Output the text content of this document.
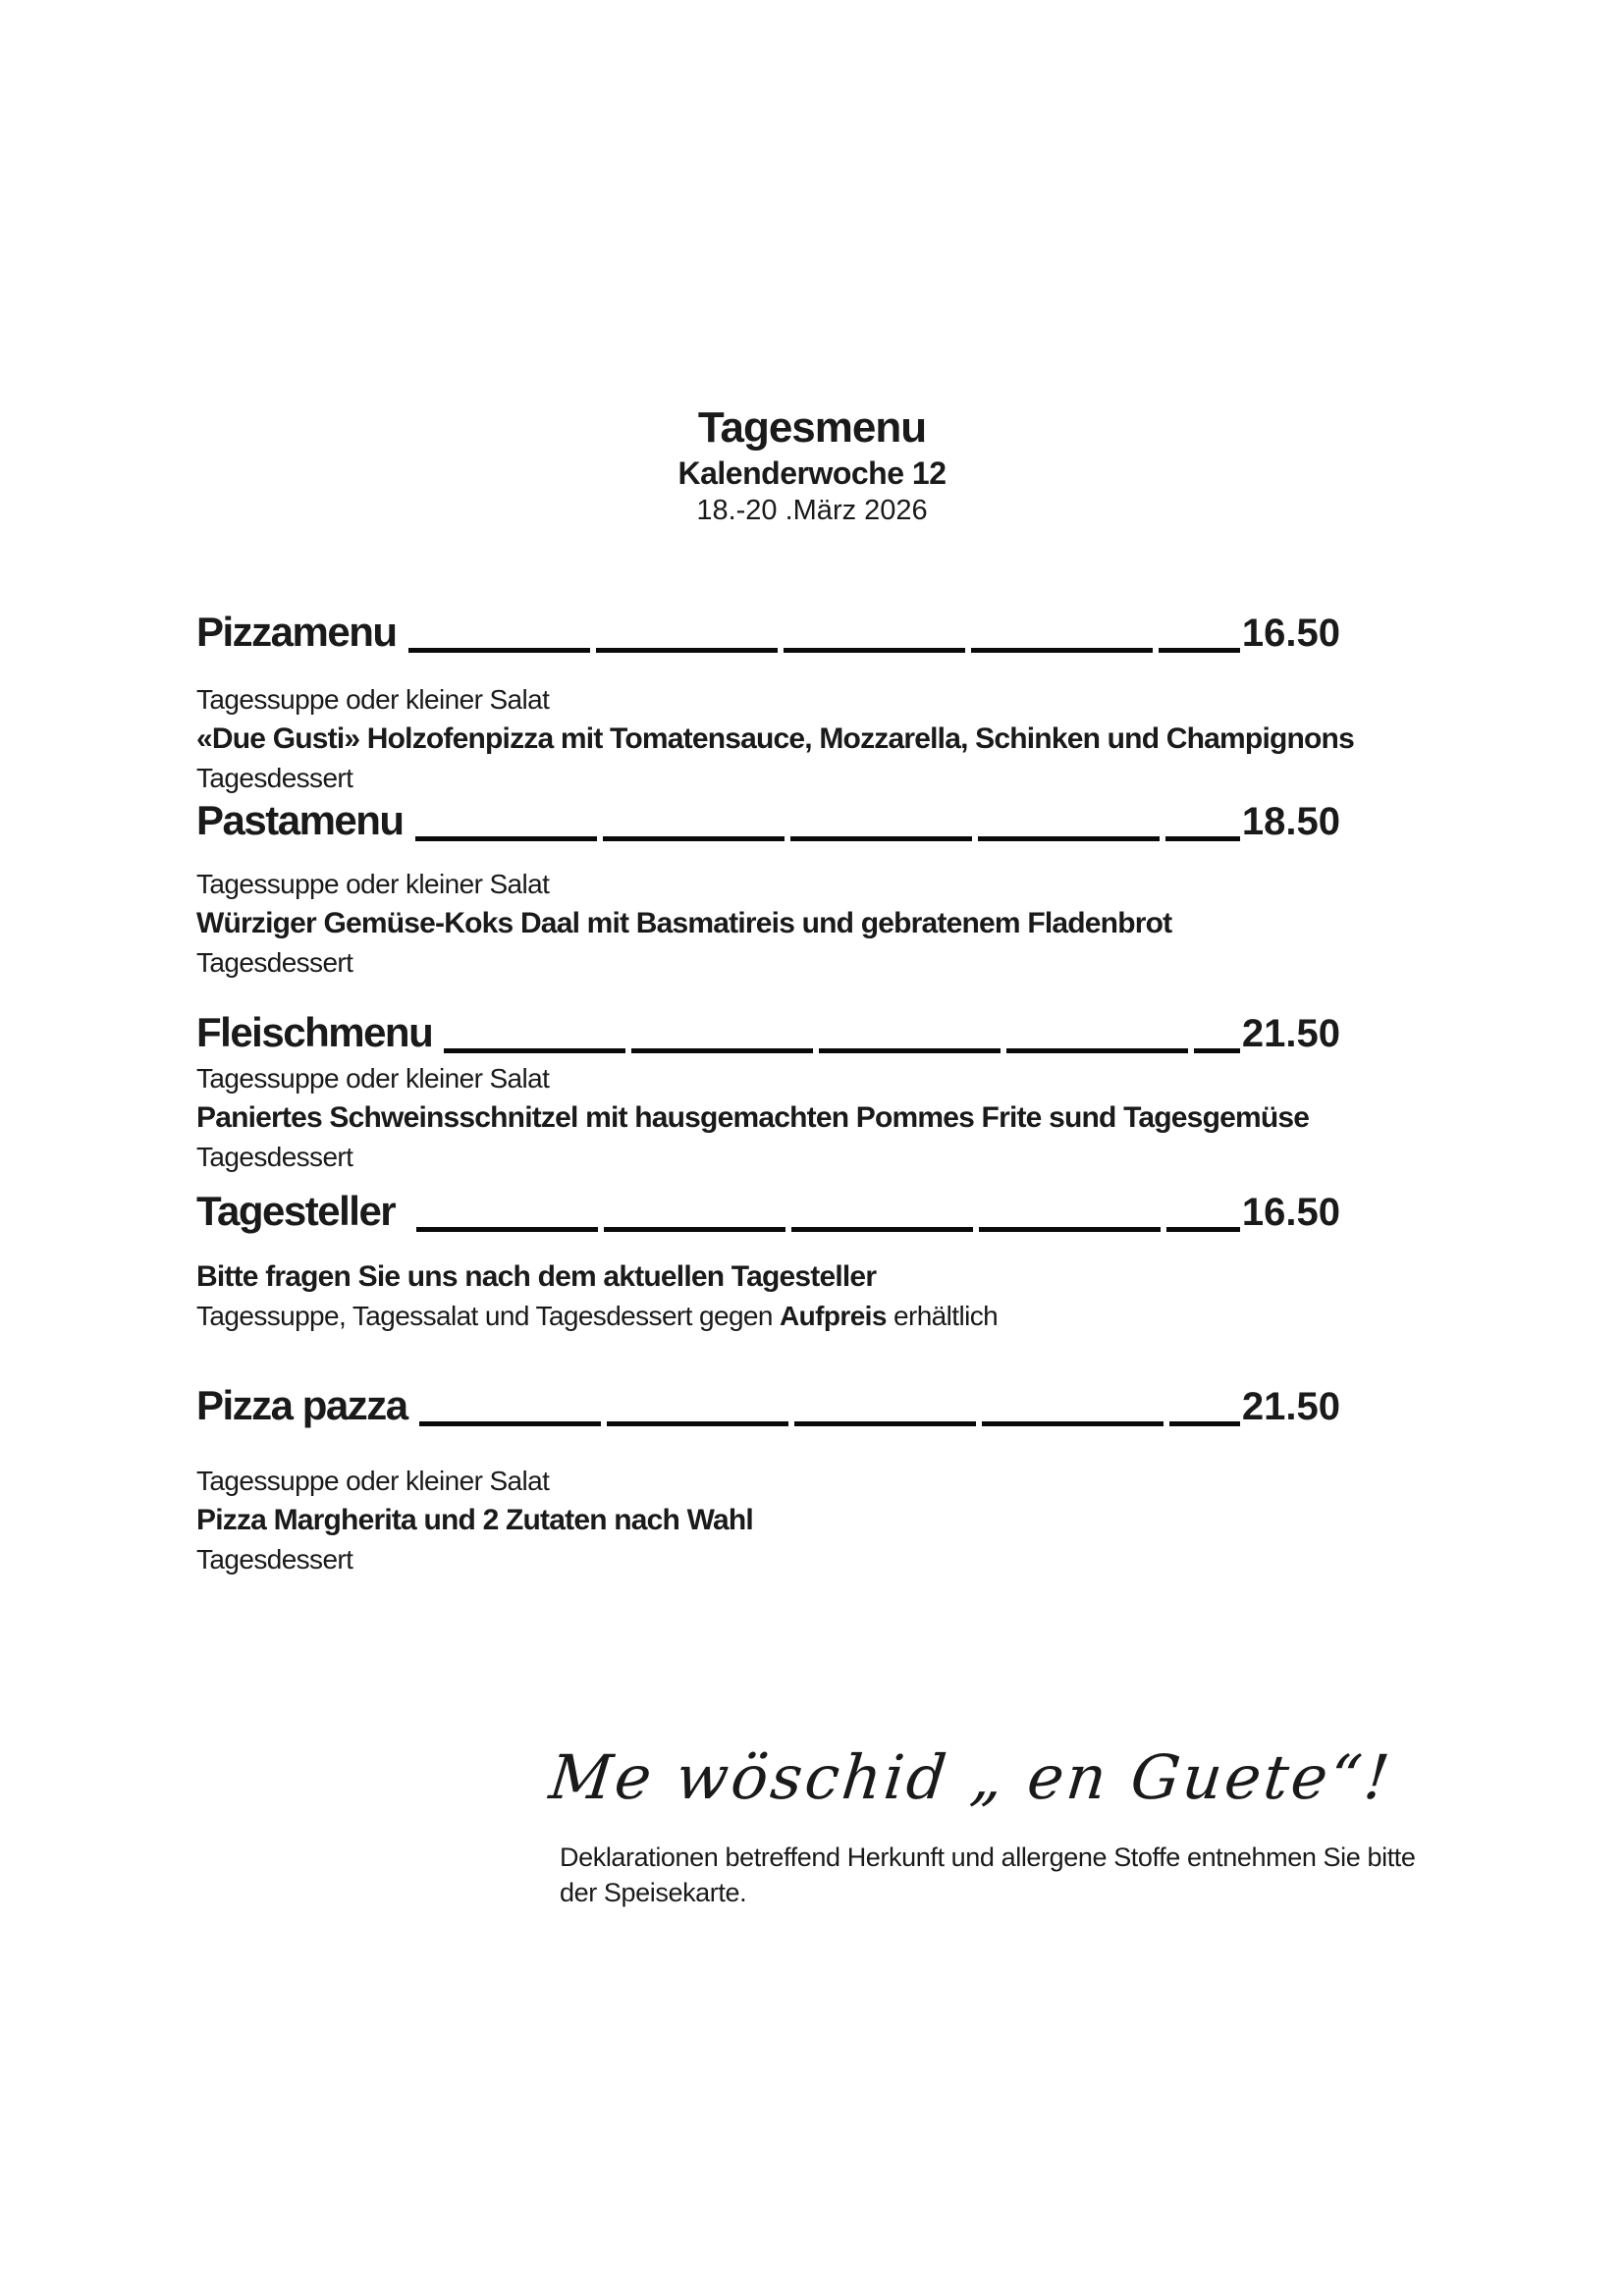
Tagesmenu
Kalenderwoche 12
18.-20 .März 2026
Pizzamenu	16.50
Tagessuppe oder kleiner Salat
«Due Gusti» Holzofenpizza mit Tomatensauce, Mozzarella, Schinken und Champignons
Tagesdessert
Pastamenu	18.50
Tagessuppe oder kleiner Salat
Würziger Gemüse-Koks Daal mit Basmatireis und gebratenem Fladenbrot
Tagesdessert
Fleischmenu	21.50
Tagessuppe oder kleiner Salat
Paniertes Schweinsschnitzel mit hausgemachten Pommes Frite sund Tagesgemüse
Tagesdessert
Tagesteller	16.50
Bitte fragen Sie uns nach dem aktuellen Tagesteller
Tagessuppe, Tagessalat und Tagesdessert gegen Aufpreis erhältlich
Pizza pazza	21.50
Tagessuppe oder kleiner Salat
Pizza Margherita und 2 Zutaten nach Wahl
Tagesdessert
Me wöschid „ en Guete“!
Deklarationen betreffend Herkunft und allergene Stoffe entnehmen Sie bitte der Speisekarte.
